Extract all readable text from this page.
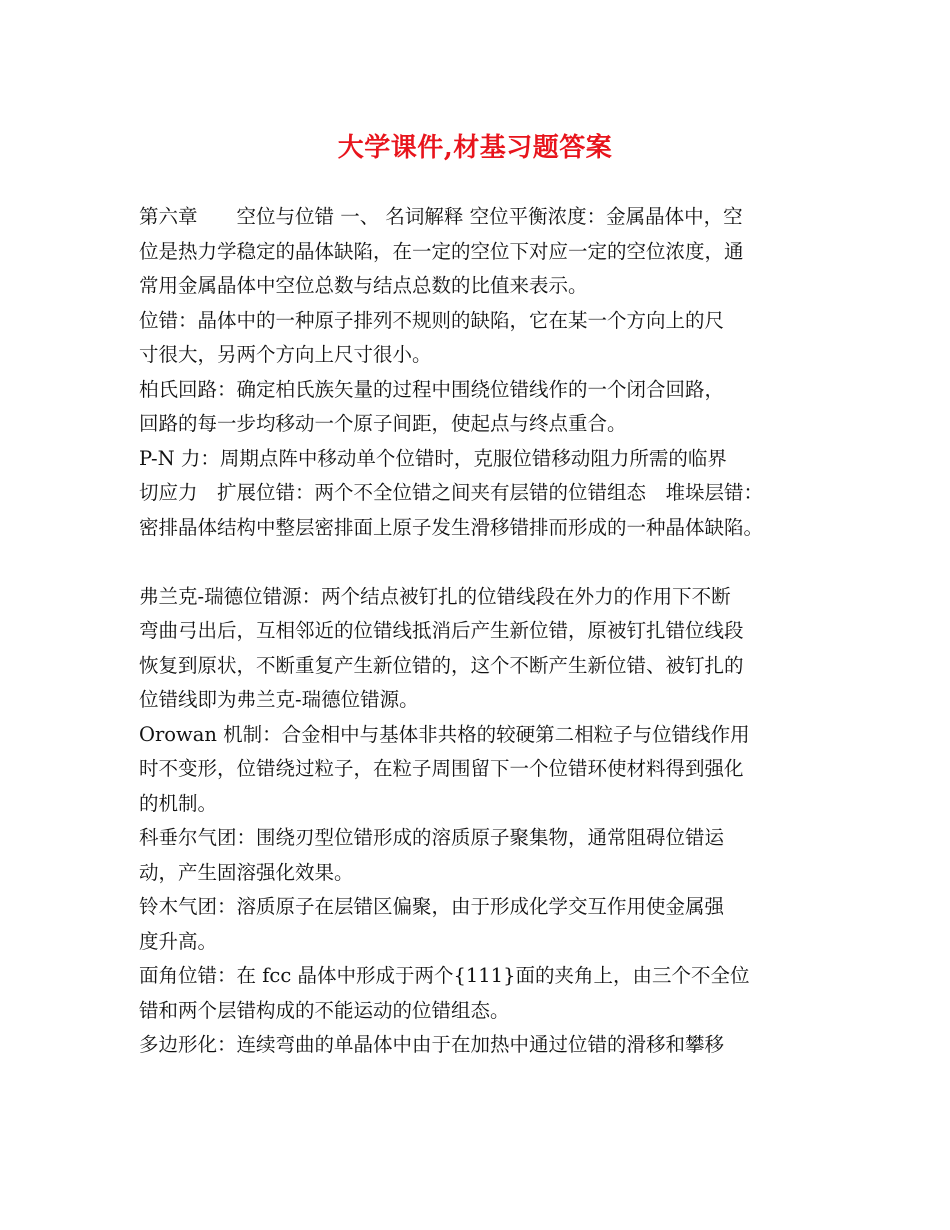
大学课件,材基习题答案
第六章　　空位与位错 一、 名词解释 空位平衡浓度：金属晶体中，空
位是热力学稳定的晶体缺陷，在一定的空位下对应一定的空位浓度，通
常用金属晶体中空位总数与结点总数的比值来表示。
位错：晶体中的一种原子排列不规则的缺陷，它在某一个方向上的尺
寸很大，另两个方向上尺寸很小。
柏氏回路：确定柏氏族矢量的过程中围绕位错线作的一个闭合回路，
回路的每一步均移动一个原子间距，使起点与终点重合。
P-N 力：周期点阵中移动单个位错时，克服位错移动阻力所需的临界
切应力　扩展位错：两个不全位错之间夹有层错的位错组态　堆垛层错：
密排晶体结构中整层密排面上原子发生滑移错排而形成的一种晶体缺陷。
弗兰克-瑞德位错源：两个结点被钉扎的位错线段在外力的作用下不断
弯曲弓出后，互相邻近的位错线抵消后产生新位错，原被钉扎错位线段
恢复到原状，不断重复产生新位错的，这个不断产生新位错、被钉扎的
位错线即为弗兰克-瑞德位错源。
Orowan 机制：合金相中与基体非共格的较硬第二相粒子与位错线作用
时不变形，位错绕过粒子，在粒子周围留下一个位错环使材料得到强化
的机制。
科垂尔气团：围绕刃型位错形成的溶质原子聚集物，通常阻碍位错运
动，产生固溶强化效果。
铃木气团：溶质原子在层错区偏聚，由于形成化学交互作用使金属强
度升高。
面角位错：在 fcc 晶体中形成于两个{111}面的夹角上，由三个不全位
错和两个层错构成的不能运动的位错组态。
多边形化：连续弯曲的单晶体中由于在加热中通过位错的滑移和攀移
